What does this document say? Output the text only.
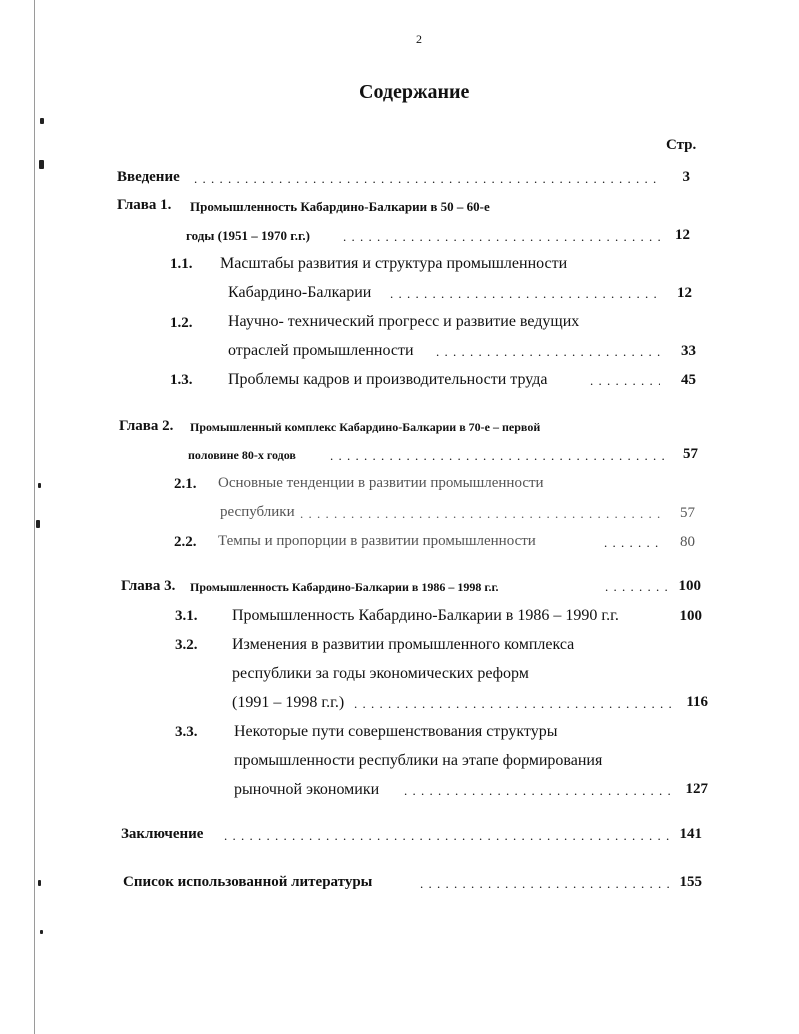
2
Содержание
Стр.
Введение . . .	3
Глава 1. Промышленность Кабардино-Балкарии в 50 – 60-е
годы (1951 – 1970 г.г.) . . .	12
1.1. Масштабы развития и структура промышленности
Кабардино-Балкарии . . .	12
1.2. Научно- технический прогресс и развитие ведущих
отраслей промышленности . . .	33
1.3. Проблемы кадров и производительности труда . . .	45
Глава 2. Промышленный комплекс Кабардино-Балкарии в 70-е – первой
половине 80-х годов . . .	57
2.1. Основные тенденции в развитии промышленности
республики . . .	57
2.2. Темпы и пропорции в развитии промышленности . . .	80
Глава 3. Промышленность Кабардино-Балкарии в 1986 – 1998 г.г. . . .	100
3.1. Промышленность Кабардино-Балкарии в 1986 – 1990 г.г.	100
3.2. Изменения в развитии промышленного комплекса
республики за годы экономических реформ
(1991 – 1998 г.г.) . . .	116
3.3. Некоторые пути совершенствования структуры
промышленности республики на этапе формирования
рыночной экономики . . .	127
Заключение . . .	141
Список использованной литературы . . .	155
